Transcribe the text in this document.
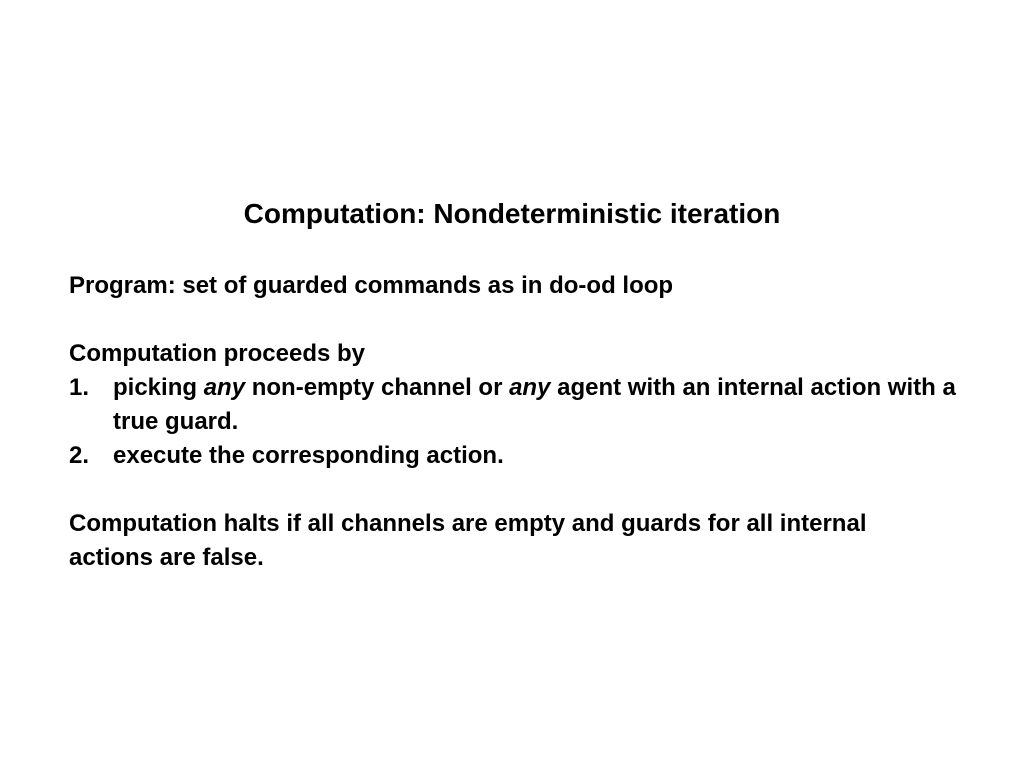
Computation: Nondeterministic iteration
Program: set of guarded commands as in do-od loop
Computation proceeds by
1. picking any non-empty channel or any agent with an internal action with a true guard.
2. execute the corresponding action.
Computation halts if all channels are empty and guards for all internal actions are false.
